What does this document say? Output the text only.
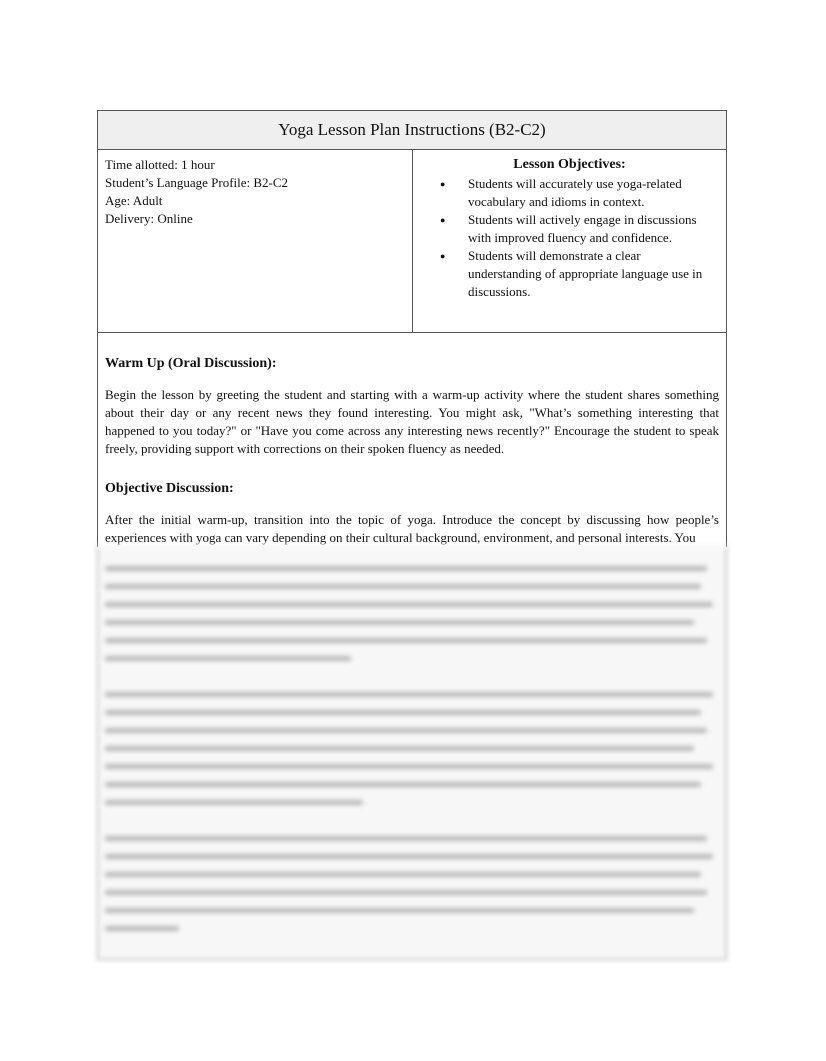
Yoga Lesson Plan Instructions (B2-C2)
Time allotted: 1 hour
Student’s Language Profile: B2-C2
Age: Adult
Delivery: Online
Lesson Objectives:
● Students will accurately use yoga-related vocabulary and idioms in context.
● Students will actively engage in discussions with improved fluency and confidence.
● Students will demonstrate a clear understanding of appropriate language use in discussions.
Warm Up (Oral Discussion):

Begin the lesson by greeting the student and starting with a warm-up activity where the student shares something about their day or any recent news they found interesting. You might ask, "What’s something interesting that happened to you today?" or "Have you come across any interesting news recently?" Encourage the student to speak freely, providing support with corrections on their spoken fluency as needed.

Objective Discussion:

After the initial warm-up, transition into the topic of yoga. Introduce the concept by discussing how people’s experiences with yoga can vary depending on their cultural background, environment, and personal interests. You
